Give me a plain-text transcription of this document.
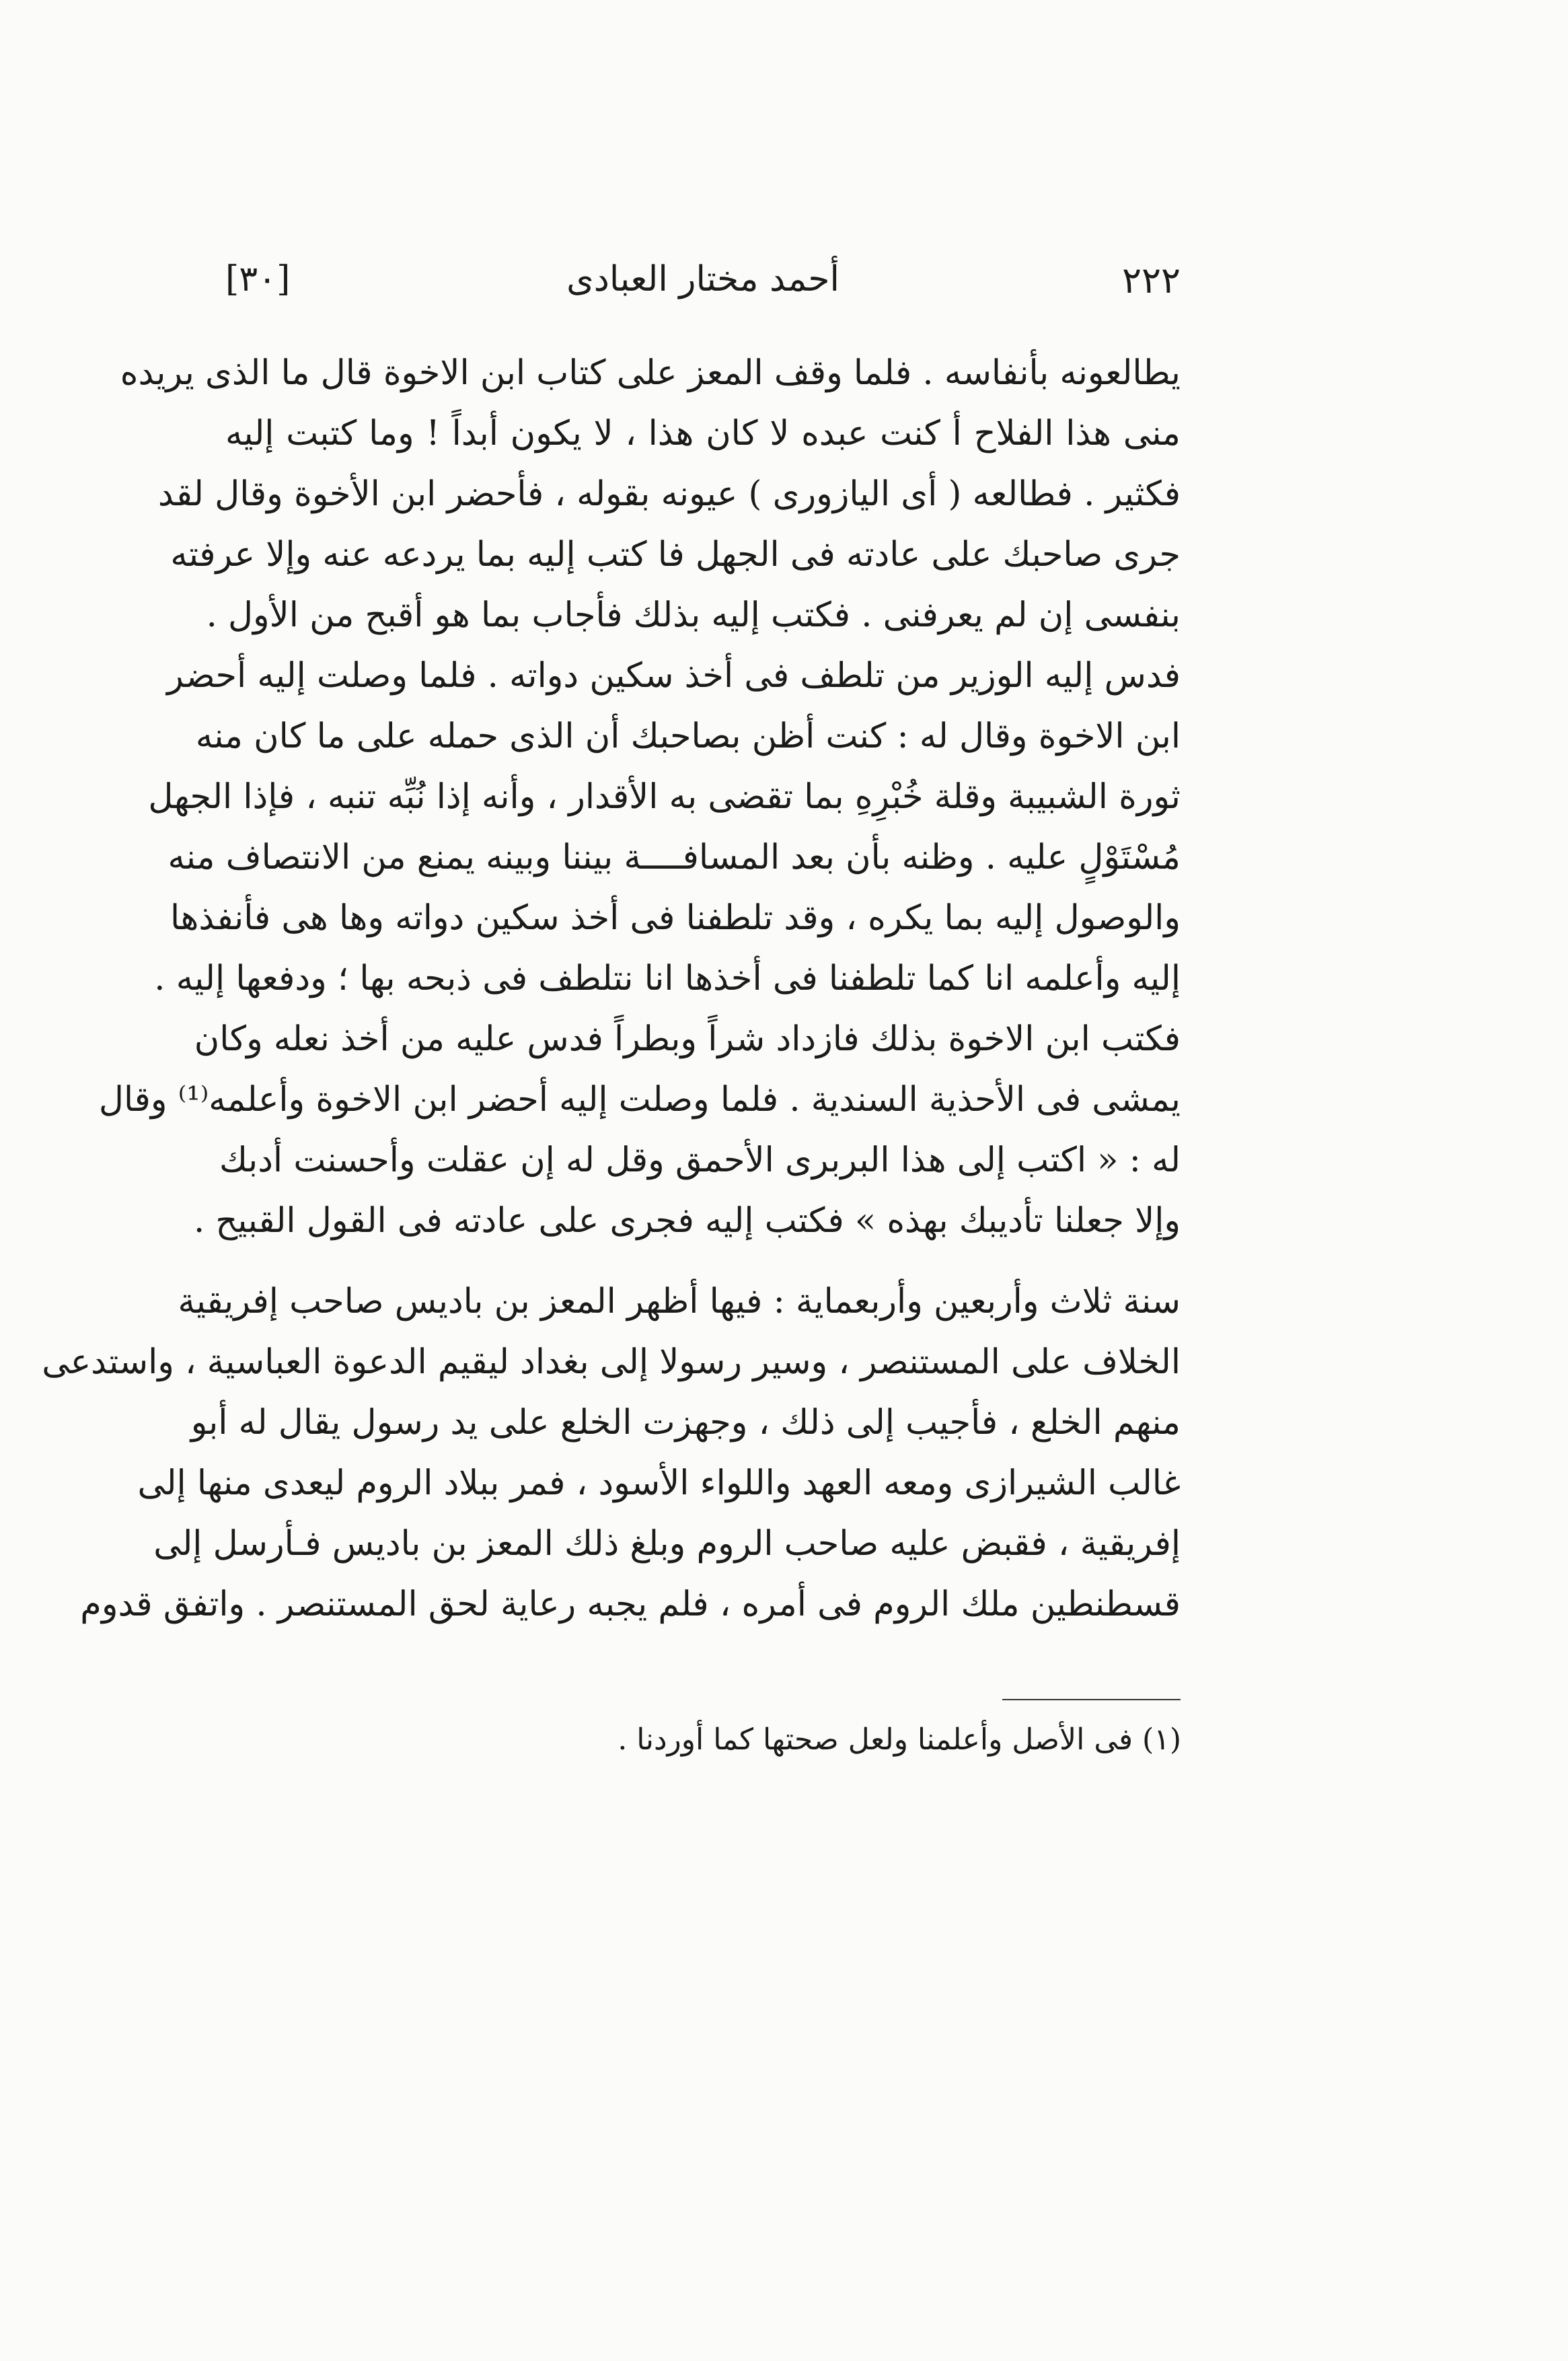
٢٢٢
أحمد مختار العبادى
[٣٠]
يطالعونه بأنفاسه . فلما وقف المعز على كتاب ابن الاخوة قال ما الذى يريده
منى هذا الفلاح أ كنت عبده لا كان هذا ، لا يكون أبداً ! وما كتبت إليه
فكثير . فطالعه ( أى اليازورى ) عيونه بقوله ، فأحضر ابن الأخوة وقال لقد
جرى صاحبك على عادته فى الجهل فا كتب إليه بما يردعه عنه وإلا عرفته
بنفسى إن لم يعرفنى . فكتب إليه بذلك فأجاب بما هو أقبح من الأول .
فدس إليه الوزير من تلطف فى أخذ سكين دواته . فلما وصلت إليه أحضر
ابن الاخوة وقال له : كنت أظن بصاحبك أن الذى حمله على ما كان منه
ثورة الشبيبة وقلة خُبْرِهِ بما تقضى به الأقدار ، وأنه إذا نُبِّه تنبه ، فإذا الجهل
مُسْتَوْلٍ عليه . وظنه بأن بعد المسافــــة بيننا وبينه يمنع من الانتصاف منه
والوصول إليه بما يكره ، وقد تلطفنا فى أخذ سكين دواته وها هى فأنفذها
إليه وأعلمه انا كما تلطفنا فى أخذها انا نتلطف فى ذبحه بها ؛ ودفعها إليه .
فكتب ابن الاخوة بذلك فازداد شراً وبطراً فدس عليه من أخذ نعله وكان
يمشى فى الأحذية السندية . فلما وصلت إليه أحضر ابن الاخوة وأعلمه⁽¹⁾ وقال
له : « اكتب إلى هذا البربرى الأحمق وقل له إن عقلت وأحسنت أدبك
وإلا جعلنا تأديبك بهذه » فكتب إليه فجرى على عادته فى القول القبيح .
سنة ثلاث وأربعين وأربعماية : فيها أظهر المعز بن باديس صاحب إفريقية
الخلاف على المستنصر ، وسير رسولا إلى بغداد ليقيم الدعوة العباسية ، واستدعى
منهم الخلع ، فأجيب إلى ذلك ، وجهزت الخلع على يد رسول يقال له أبو
غالب الشيرازى ومعه العهد واللواء الأسود ، فمر ببلاد الروم ليعدى منها إلى
إفريقية ، فقبض عليه صاحب الروم وبلغ ذلك المعز بن باديس فـأرسل إلى
قسطنطين ملك الروم فى أمره ، فلم يجبه رعاية لحق المستنصر . واتفق قدوم
(١) فى الأصل وأعلمنا ولعل صحتها كما أوردنا .
